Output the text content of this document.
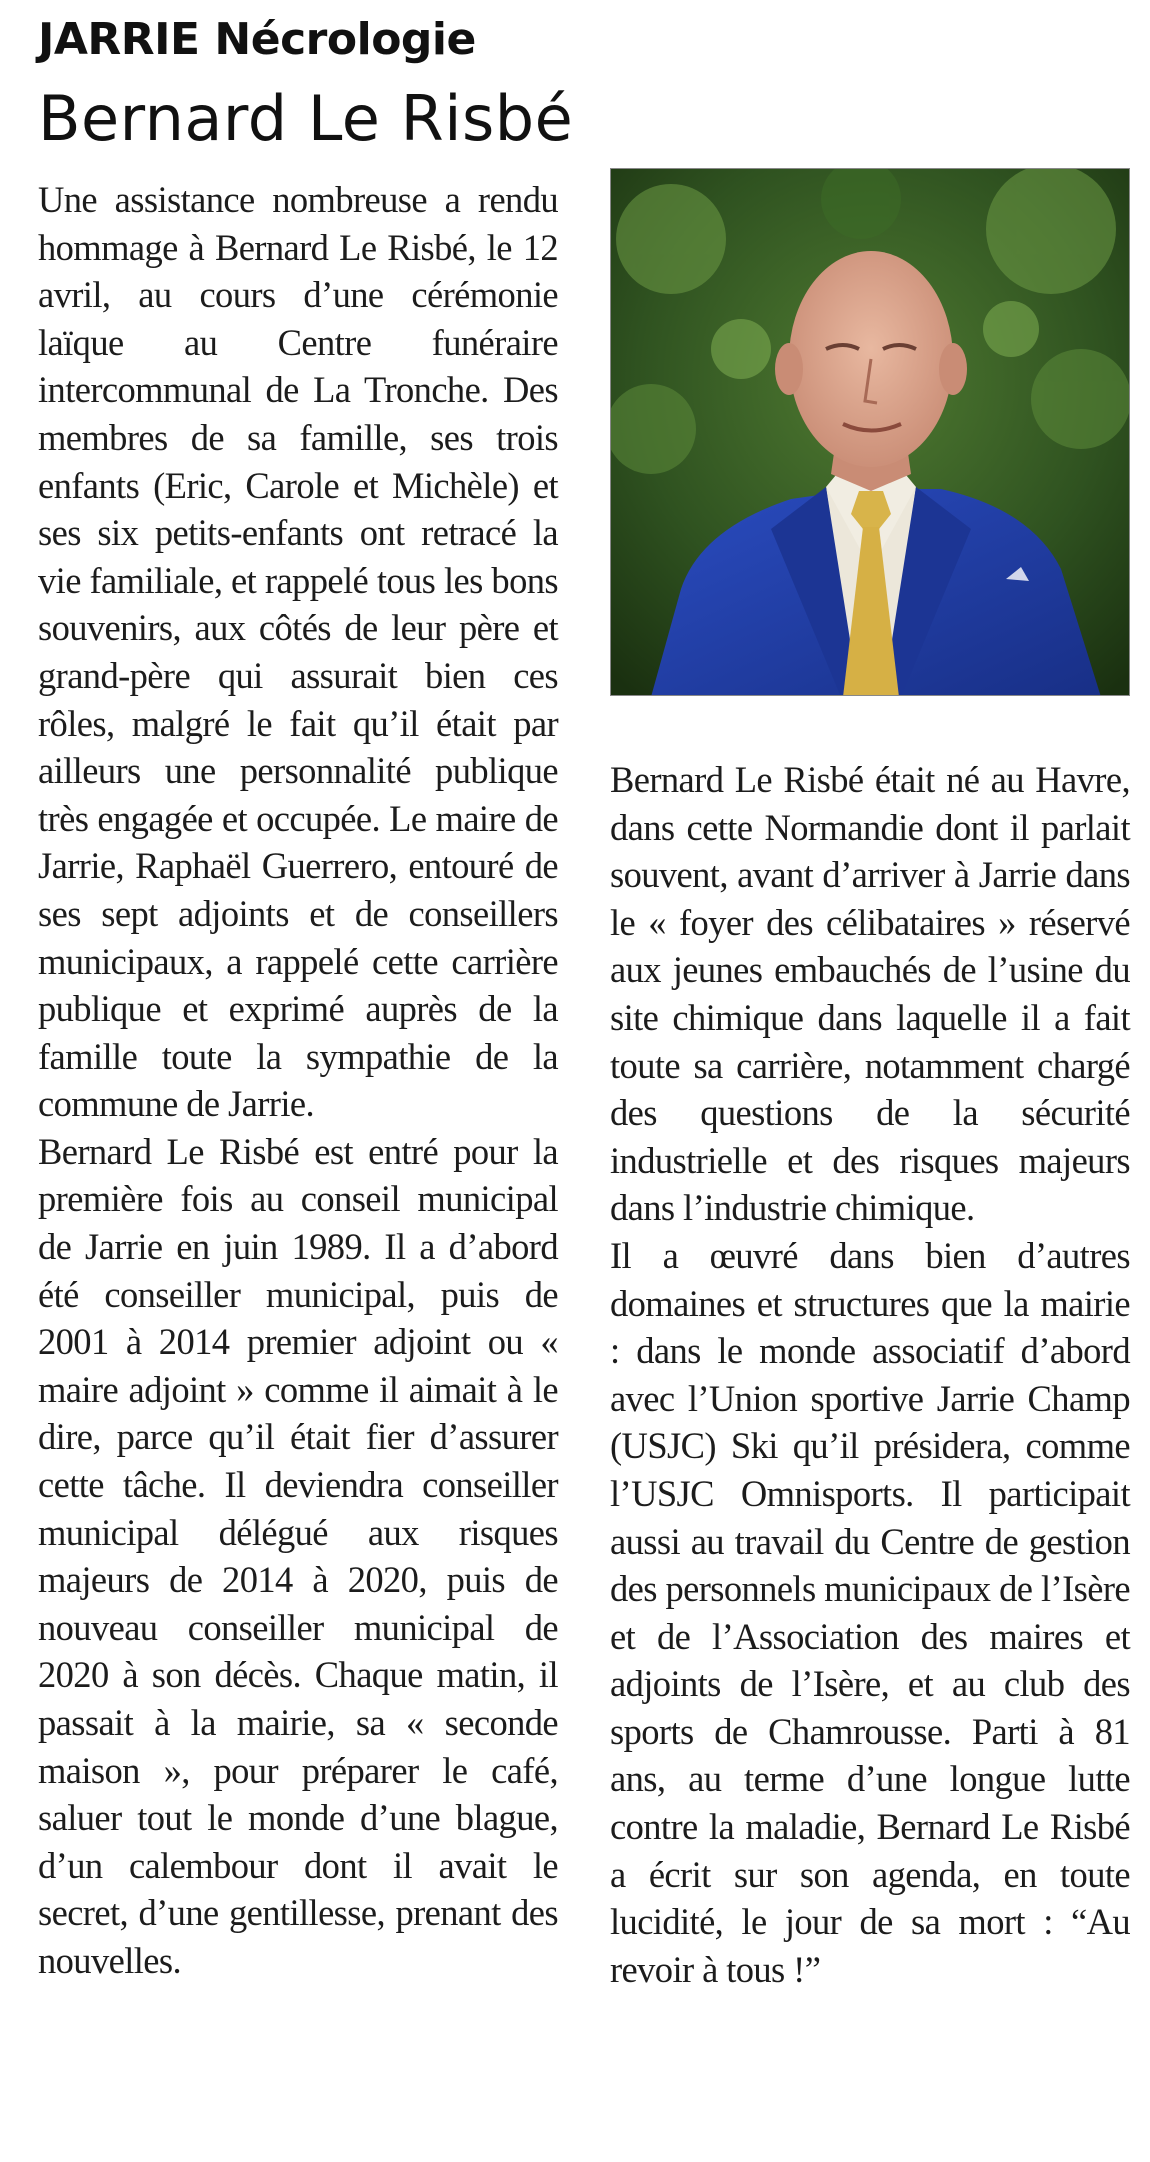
JARRIE Nécrologie
Bernard Le Risbé

Une assistance nombreuse a rendu hommage à Bernard Le Risbé, le 12 avril, au cours d’une cérémonie laïque au Centre funéraire intercommunal de La Tronche. Des membres de sa famille, ses trois enfants (Eric, Carole et Michèle) et ses six petits-enfants ont retracé la vie familiale, et rappelé tous les bons souvenirs, aux côtés de leur père et grand-père qui assurait bien ces rôles, malgré le fait qu’il était par ailleurs une personnalité publique très engagée et occupée. Le maire de Jarrie, Raphaël Guerrero, entouré de ses sept adjoints et de conseillers municipaux, a rappelé cette carrière publique et exprimé auprès de la famille toute la sympathie de la commune de Jarrie.

Bernard Le Risbé est entré pour la première fois au conseil municipal de Jarrie en juin 1989. Il a d’abord été conseiller municipal, puis de 2001 à 2014 premier adjoint ou « maire adjoint » comme il aimait à le dire, parce qu’il était fier d’assurer cette tâche. Il deviendra conseiller municipal délégué aux risques majeurs de 2014 à 2020, puis de nouveau conseiller municipal de 2020 à son décès. Chaque matin, il passait à la mairie, sa « seconde maison », pour préparer le café, saluer tout le monde d’une blague, d’un calembour dont il avait le secret, d’une gentillesse, prenant des nouvelles.

Bernard Le Risbé était né au Havre, dans cette Normandie dont il parlait souvent, avant d’arriver à Jarrie dans le « foyer des célibataires » réservé aux jeunes embauchés de l’usine du site chimique dans laquelle il a fait toute sa carrière, notamment chargé des questions de la sécurité industrielle et des risques majeurs dans l’industrie chimique.

Il a œuvré dans bien d’autres domaines et structures que la mairie : dans le monde associatif d’abord avec l’Union sportive Jarrie Champ (USJC) Ski qu’il présidera, comme l’USJC Omnisports. Il participait aussi au travail du Centre de gestion des personnels municipaux de l’Isère et de l’Association des maires et adjoints de l’Isère, et au club des sports de Chamrousse. Parti à 81 ans, au terme d’une longue lutte contre la maladie, Bernard Le Risbé a écrit sur son agenda, en toute lucidité, le jour de sa mort : “Au revoir à tous !”
